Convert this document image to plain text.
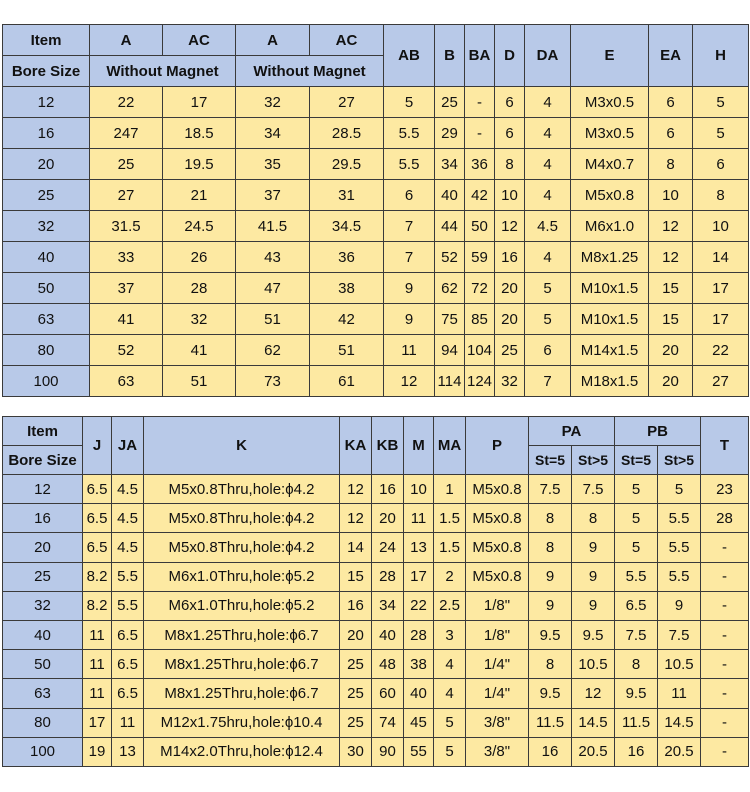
Item	A	AC	A	AC	AB	B	BA	D	DA	E	EA	H
Bore Size	Without Magnet		Without Magnet									
12	22	17	32	27	5	25	-	6	4	M3x0.5	6	5
16	247	18.5	34	28.5	5.5	29	-	6	4	M3x0.5	6	5
20	25	19.5	35	29.5	5.5	34	36	8	4	M4x0.7	8	6
25	27	21	37	31	6	40	42	10	4	M5x0.8	10	8
32	31.5	24.5	41.5	34.5	7	44	50	12	4.5	M6x1.0	12	10
40	33	26	43	36	7	52	59	16	4	M8x1.25	12	14
50	37	28	47	38	9	62	72	20	5	M10x1.5	15	17
63	41	32	51	42	9	75	85	20	5	M10x1.5	15	17
80	52	41	62	51	11	94	104	25	6	M14x1.5	20	22
100	63	51	73	61	12	114	124	32	7	M18x1.5	20	27
Item	J	JA	K	KA	KB	M	MA	P	PA		PB		T
Bore Size									St=5	St>5	St=5	St>5	
12	6.5	4.5	M5x0.8Thru,hole:ϕ4.2	12	16	10	1	M5x0.8	7.5	7.5	5	5	23
16	6.5	4.5	M5x0.8Thru,hole:ϕ4.2	12	20	11	1.5	M5x0.8	8	8	5	5.5	28
20	6.5	4.5	M5x0.8Thru,hole:ϕ4.2	14	24	13	1.5	M5x0.8	8	9	5	5.5	-
25	8.2	5.5	M6x1.0Thru,hole:ϕ5.2	15	28	17	2	M5x0.8	9	9	5.5	5.5	-
32	8.2	5.5	M6x1.0Thru,hole:ϕ5.2	16	34	22	2.5	1/8"	9	9	6.5	9	-
40	11	6.5	M8x1.25Thru,hole:ϕ6.7	20	40	28	3	1/8"	9.5	9.5	7.5	7.5	-
50	11	6.5	M8x1.25Thru,hole:ϕ6.7	25	48	38	4	1/4"	8	10.5	8	10.5	-
63	11	6.5	M8x1.25Thru,hole:ϕ6.7	25	60	40	4	1/4"	9.5	12	9.5	11	-
80	17	11	M12x1.75hru,hole:ϕ10.4	25	74	45	5	3/8"	11.5	14.5	11.5	14.5	-
100	19	13	M14x2.0Thru,hole:ϕ12.4	30	90	55	5	3/8"	16	20.5	16	20.5	-
